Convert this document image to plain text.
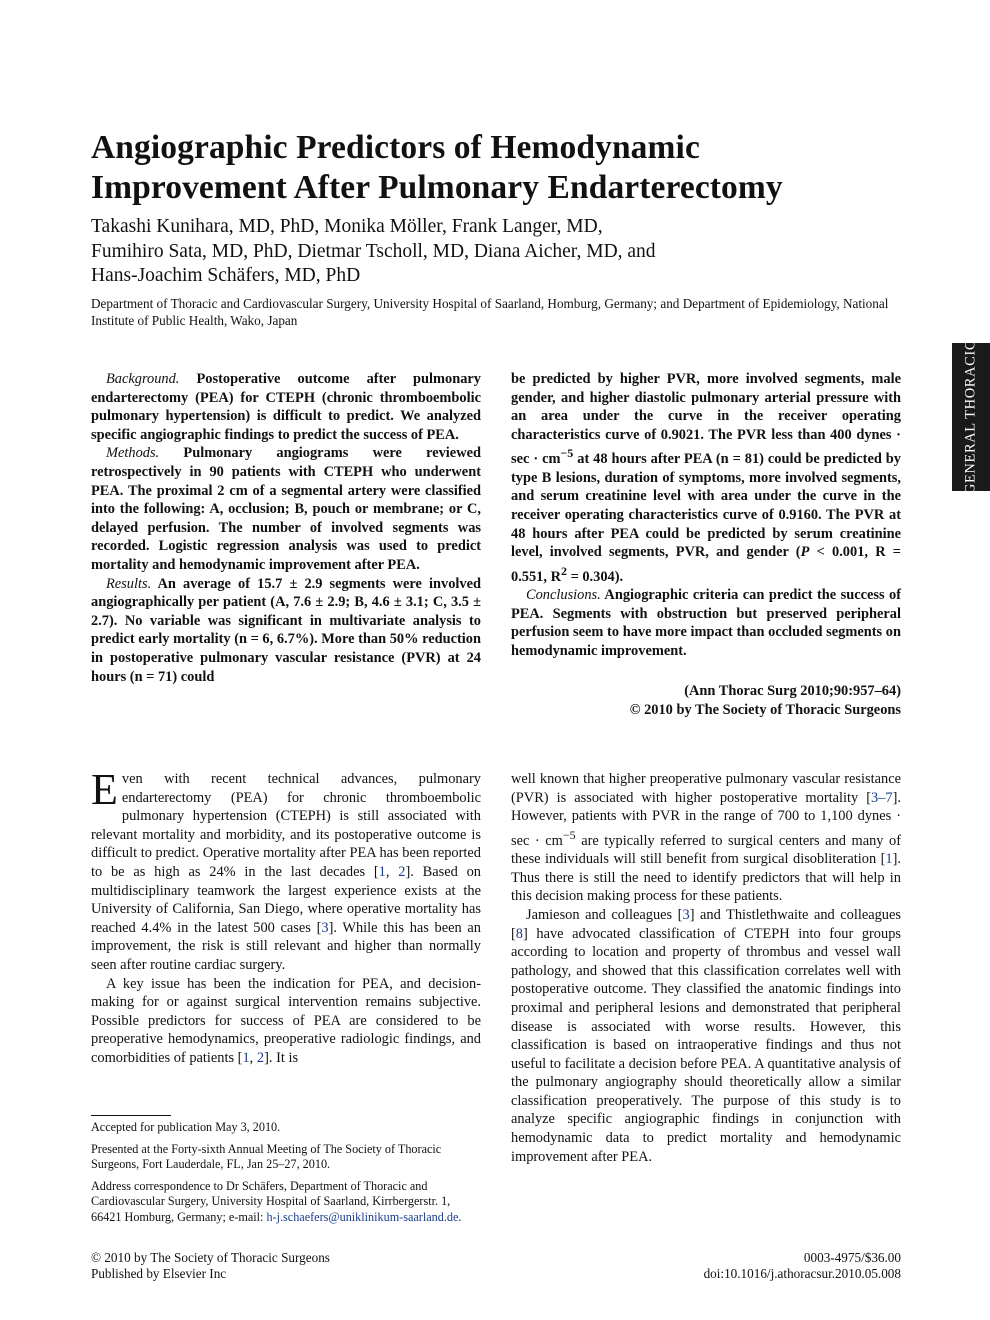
Angiographic Predictors of Hemodynamic
Improvement After Pulmonary Endarterectomy
Takashi Kunihara, MD, PhD, Monika Möller, Frank Langer, MD,
Fumihiro Sata, MD, PhD, Dietmar Tscholl, MD, Diana Aicher, MD, and
Hans-Joachim Schäfers, MD, PhD
Department of Thoracic and Cardiovascular Surgery, University Hospital of Saarland, Homburg, Germany; and Department of Epidemiology, National Institute of Public Health, Wako, Japan
GENERAL THORACIC

Background. Postoperative outcome after pulmonary endarterectomy (PEA) for CTEPH (chronic thromboembolic pulmonary hypertension) is difficult to predict. We analyzed specific angiographic findings to predict the success of PEA.

Methods. Pulmonary angiograms were reviewed retrospectively in 90 patients with CTEPH who underwent PEA. The proximal 2 cm of a segmental artery were classified into the following: A, occlusion; B, pouch or membrane; or C, delayed perfusion. The number of involved segments was recorded. Logistic regression analysis was used to predict mortality and hemodynamic improvement after PEA.

Results. An average of 15.7 ± 2.9 segments were involved angiographically per patient (A, 7.6 ± 2.9; B, 4.6 ± 3.1; C, 3.5 ± 2.7). No variable was significant in multivariate analysis to predict early mortality (n = 6, 6.7%). More than 50% reduction in postoperative pulmonary vascular resistance (PVR) at 24 hours (n = 71) could

be predicted by higher PVR, more involved segments, male gender, and higher diastolic pulmonary arterial pressure with an area under the curve in the receiver operating characteristics curve of 0.9021. The PVR less than 400 dynes · $\sec \cdot cm^{-5}$ at 48 hours after PEA (n = 81) could be predicted by type B lesions, duration of symptoms, more involved segments, and serum creatinine level with area under the curve in the receiver operating characteristics curve of 0.9160. The PVR at 48 hours after PEA could be predicted by serum creatinine level, involved segments, PVR, and gender (P < 0.001, R = 0.551, $R^2 = 0.304$).

Conclusions. Angiographic criteria can predict the success of PEA. Segments with obstruction but preserved peripheral perfusion seem to have more impact than occluded segments on hemodynamic improvement.

(Ann Thorac Surg 2010;90:957–64)
© 2010 by The Society of Thoracic Surgeons

Even with recent technical advances, pulmonary endarterectomy (PEA) for chronic thromboembolic pulmonary hypertension (CTEPH) is still associated with relevant mortality and morbidity, and its postoperative outcome is difficult to predict. Operative mortality after PEA has been reported to be as high as 24% in the last decades [1, 2]. Based on multidisciplinary teamwork the largest experience exists at the University of California, San Diego, where operative mortality has reached 4.4% in the latest 500 cases [3]. While this has been an improvement, the risk is still relevant and higher than normally seen after routine cardiac surgery.

A key issue has been the indication for PEA, and decision-making for or against surgical intervention remains subjective. Possible predictors for success of PEA are considered to be preoperative hemodynamics, preoperative radiologic findings, and comorbidities of patients [1, 2]. It is

well known that higher preoperative pulmonary vascular resistance (PVR) is associated with higher postoperative mortality [3–7]. However, patients with PVR in the range of 700 to 1,100 dynes · $\sec \cdot cm^{-5}$ are typically referred to surgical centers and many of these individuals will still benefit from surgical disobliteration [1]. Thus there is still the need to identify predictors that will help in this decision making process for these patients.

Jamieson and colleagues [3] and Thistlethwaite and colleagues [8] have advocated classification of CTEPH into four groups according to location and property of thrombus and vessel wall pathology, and showed that this classification correlates well with postoperative outcome. They classified the anatomic findings into proximal and peripheral lesions and demonstrated that peripheral disease is associated with worse results. However, this classification is based on intraoperative findings and thus not useful to facilitate a decision before PEA. A quantitative analysis of the pulmonary angiography should theoretically allow a similar classification preoperatively. The purpose of this study is to analyze specific angiographic findings in conjunction with hemodynamic data to predict mortality and hemodynamic improvement after PEA.

Accepted for publication May 3, 2010.

Presented at the Forty-sixth Annual Meeting of The Society of Thoracic Surgeons, Fort Lauderdale, FL, Jan 25–27, 2010.

Address correspondence to Dr Schäfers, Department of Thoracic and Cardiovascular Surgery, University Hospital of Saarland, Kirrbergerstr. 1, 66421 Homburg, Germany; e-mail: h-j.schaefers@uniklinikum-saarland.de.

© 2010 by The Society of Thoracic Surgeons
Published by Elsevier Inc
0003-4975/$36.00
doi:10.1016/j.athoracsur.2010.05.008
